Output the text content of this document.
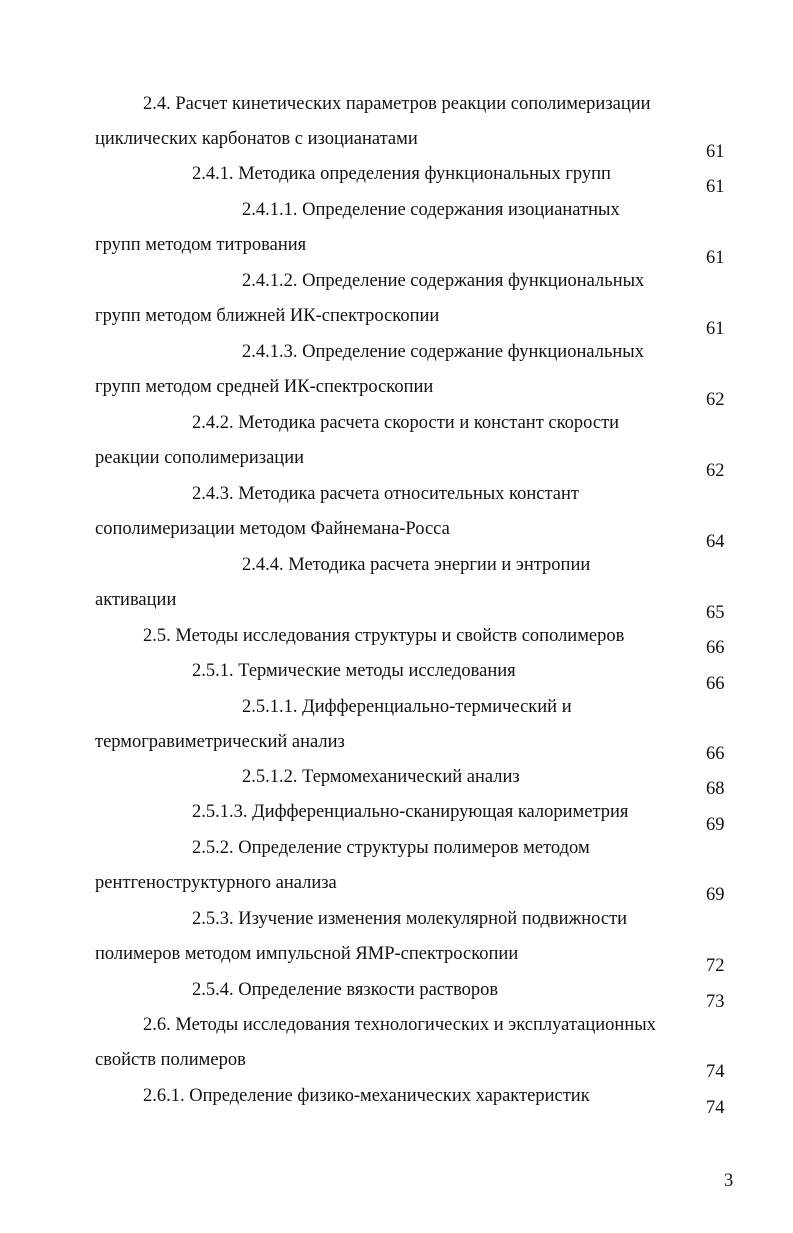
2.4. Расчет кинетических параметров реакции сополимеризации

циклических карбонатов с изоцианатами

61

2.4.1. Методика определения функциональных групп

61

2.4.1.1. Определение содержания изоцианатных

групп методом титрования

61

2.4.1.2. Определение содержания функциональных

групп методом ближней ИК-спектроскопии

61

2.4.1.3. Определение содержание функциональных

групп методом средней ИК-спектроскопии

62

2.4.2. Методика расчета скорости и констант скорости

реакции сополимеризации

62

2.4.3. Методика расчета относительных констант

сополимеризации методом Файнемана-Росса

64

2.4.4. Методика расчета энергии и энтропии

активации

65

2.5. Методы исследования структуры и свойств сополимеров

66

2.5.1. Термические методы исследования

66

2.5.1.1. Дифференциально-термический и

термогравиметрический анализ

66

2.5.1.2. Термомеханический анализ

68

2.5.1.3. Дифференциально-сканирующая калориметрия

69

2.5.2. Определение структуры полимеров методом

рентгеноструктурного анализа

69

2.5.3. Изучение изменения молекулярной подвижности

полимеров методом импульсной ЯМР-спектроскопии

72

2.5.4. Определение вязкости растворов

73

2.6. Методы исследования технологических и эксплуатационных

свойств полимеров

74

2.6.1. Определение физико-механических характеристик

74

3
